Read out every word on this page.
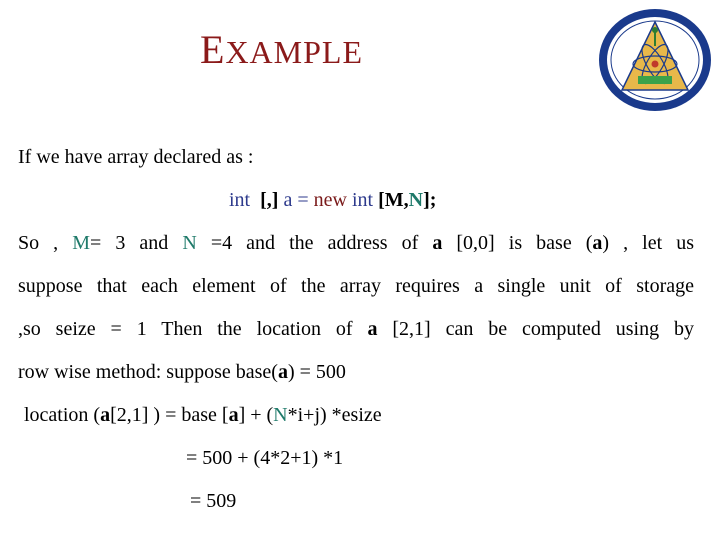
EXAMPLE
If we have array declared as :
int [,] a = new int [M,N];
So , M= 3 and N =4 and the address of a [0,0] is base (a) , let us
suppose that each element of the array requires a single unit of storage
,so seize = 1 Then the location of a [2,1] can be computed using by
row wise method: suppose base(a) = 500
location (a[2,1] ) = base [a] + (N*i+j) *esize
= 500 + (4*2+1) *1
= 509
